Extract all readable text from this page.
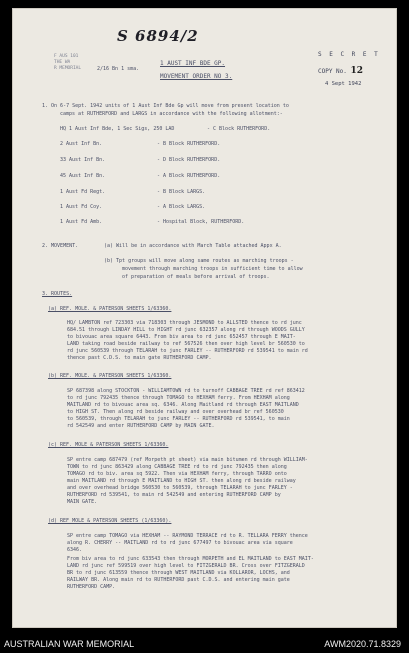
S 6894/2
F AUS 101
THE WA
R MEMORIAL	2/16 Bn 1 sma.
1 AUST INF BDE GP.
MOVEMENT ORDER NO 3.
S E C R E T
COPY No. 12
4 Sept 1942
1. On 6-7 Sept. 1942 units of 1 Aust Inf Bde Gp will move from present location to
camps at RUTHERFORD and LARGS in accordance with the following allotment:-
HQ 1 Aust Inf Bde, 1 Sec Sigs, 250 LAD	- C Block RUTHERFORD.
2 Aust Inf Bn.	- B Block RUTHERFORD.
33 Aust Inf Bn.	- D Block RUTHERFORD.
45 Aust Inf Bn.	- A Block RUTHERFORD.
1 Aust Fd Regt.	- B Block LARGS.
1 Aust Fd Coy.	- A Block LARGS.
1 Aust Fd Amb.	- Hospital Block, RUTHERFORD.
2. MOVEMENT.	(a) Will be in accordance with March Table attached Appx A.
(b) Tpt groups will move along same routes as marching troops -
movement through marching troops in sufficient time to allow
of preparation of meals before arrival of troops.
3. ROUTES.
(a) REF. MOLE. & PATERSON SHEETS 1/63360.
HQ/ LAMBTON ref 723303 via 718303 through JESMOND to ALLSTED thence to rd junc
684.51 through LINDAY HILL to HIGHT rd junc 632357 along rd through WOODS GULLY
to bivouac area square 6443. From biv area to rd junc 652457 through E MAIT-
LAND taking road beside railway to ref 567526 then over high level br 560530 to
rd junc 560539 through TELARAH to junc FARLEY -- RUTHERFORD rd 539541 to main rd
thence past C.D.S. to main gate RUTHERFORD CAMP.
(b) REF. MOLE. & PATERSON SHEETS 1/63360.
SP 687398 along STOCKTON - WILLIAMTOWN rd to turnoff CABBAGE TREE rd ref 863412
to rd junc 792435 thence through TOMAGO to HEXHAM ferry. From HEXHAM along
MAITLAND rd to bivouac area sq. 6346. Along Maitland rd through EAST MAITLAND
to HIGH ST. Then along rd beside railway and over overhead br ref 560530
to 560539, through TELARAH to junc FARLEY -- RUTHERFORD rd 539541, to main
rd 542549 and enter RUTHERFORD CAMP by MAIN GATE.
(c) REF. MOLE & PATERSON SHEETS 1/63360.
SP entre camp 687479 (ref Morpeth pt sheet) via main bitumen rd through WILLIAM-
TOWN to rd junc 863429 along CABBAGE TREE rd to rd junc 792435 then along
TOMAGO rd to biv. area sq 5922. Then via HEXHAM ferry, through TARRO onto
main MAITLAND rd through E MAITLAND to HIGH ST. then along rd beside railway
and over overhead bridge 560530 to 560539, through TELARAH to junc FARLEY -
RUTHERFORD rd 539541, to main rd 542549 and entering RUTHERFORD CAMP by
MAIN GATE.
(d) REF MOLE & PATERSON SHEETS (1/63360).
SP entre camp TOMAGO via HEXHAM -- RAYMOND TERRACE rd to R. TELLARA FERRY thence
along R. CHERRY -- MAITLAND rd to rd junc 677497 to bivouac area via square
6346.
From biv area to rd junc 633543 then through MORPETH and EL MAITLAND to EAST MAIT-
LAND rd junc ref 599519 over high level to FITZGERALD BR. Cross over FITZGERALD
BR to rd junc 613559 thence through WEST MAITLAND via KOLLAROR, LOCHS, and
RAILWAY BR. Along main rd to RUTHERFORD past C.D.S. and entering main gate
RUTHERFORD CAMP.
AUSTRALIAN WAR MEMORIAL	AWM2020.71.8329
